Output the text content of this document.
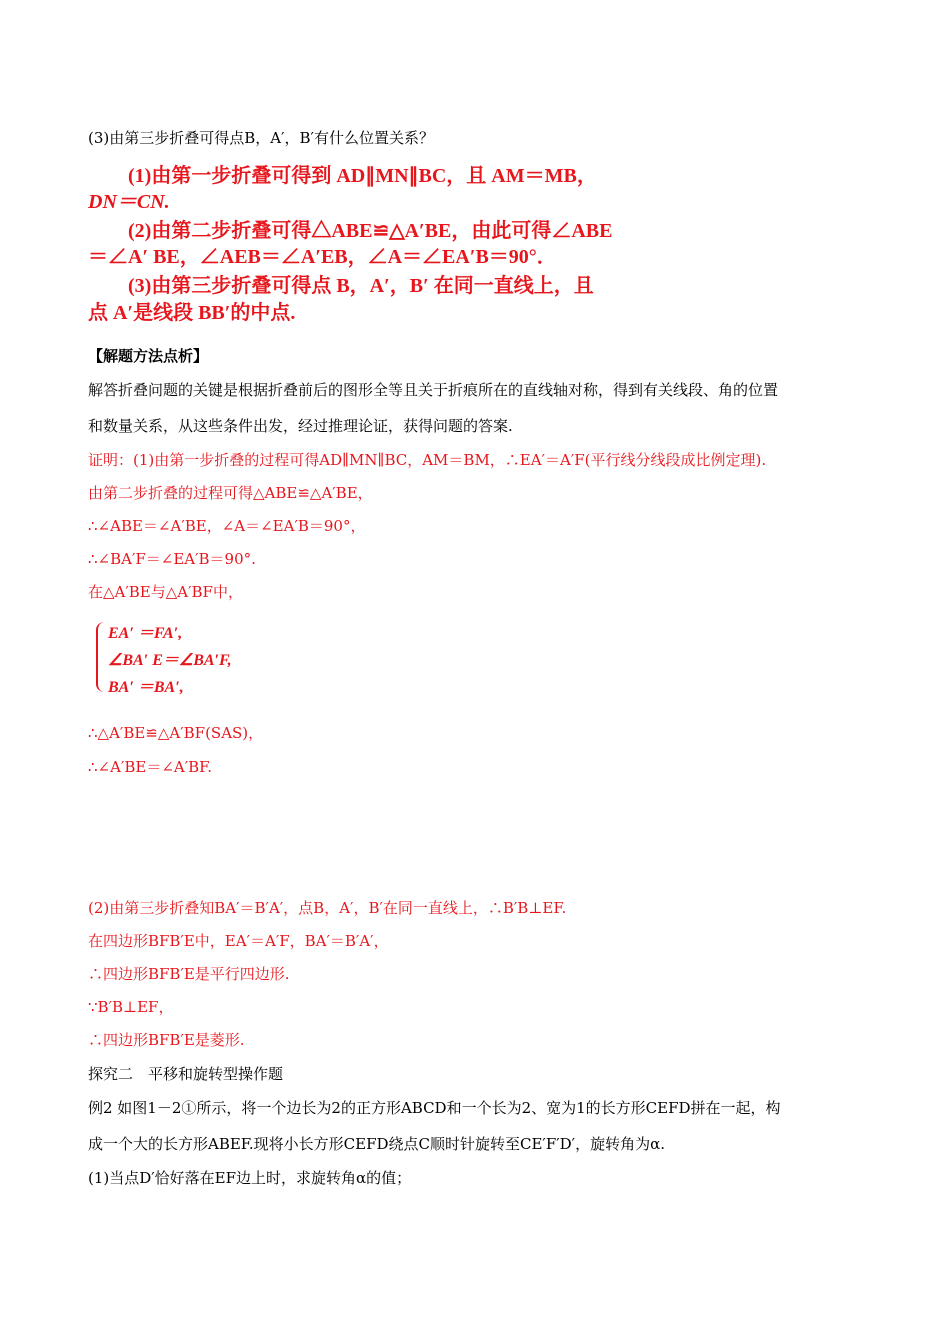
(3)由第三步折叠可得点B，A′，B′有什么位置关系？
(1)由第一步折叠可得到 AD∥MN∥BC，且 AM＝MB，
DN＝CN.
(2)由第二步折叠可得△ABE≌△A′BE，由此可得∠ABE
＝∠A′ BE，∠AEB＝∠A′EB，∠A＝∠EA′B＝90°．
(3)由第三步折叠可得点 B，A′，B′ 在同一直线上，且
点 A′是线段 BB′的中点.
【解题方法点析】
解答折叠问题的关键是根据折叠前后的图形全等且关于折痕所在的直线轴对称，得到有关线段、角的位置
和数量关系，从这些条件出发，经过推理论证，获得问题的答案.
证明：(1)由第一步折叠的过程可得AD∥MN∥BC，AM＝BM，∴EA′＝A′F(平行线分线段成比例定理).
由第二步折叠的过程可得△ABE≌△A′BE，
∴∠ABE＝∠A′BE，∠A＝∠EA′B＝90°，
∴∠BA′F＝∠EA′B＝90°.
在△A′BE与△A′BF中，
EA′ ＝FA′,
∠BA′ E＝∠BA′F,
BA′ ＝BA′,
∴△A′BE≌△A′BF(SAS)，
∴∠A′BE＝∠A′BF.
(2)由第三步折叠知BA′＝B′A′，点B，A′，B′在同一直线上，∴B′B⊥EF.
在四边形BFB′E中，EA′＝A′F，BA′＝B′A′，
∴四边形BFB′E是平行四边形.
∵B′B⊥EF，
∴四边形BFB′E是菱形.
探究二　平移和旋转型操作题
例2 如图1－2①所示，将一个边长为2的正方形ABCD和一个长为2、宽为1的长方形CEFD拼在一起，构
成一个大的长方形ABEF.现将小长方形CEFD绕点C顺时针旋转至CE′F′D′，旋转角为α.
(1)当点D′恰好落在EF边上时，求旋转角α的值；
